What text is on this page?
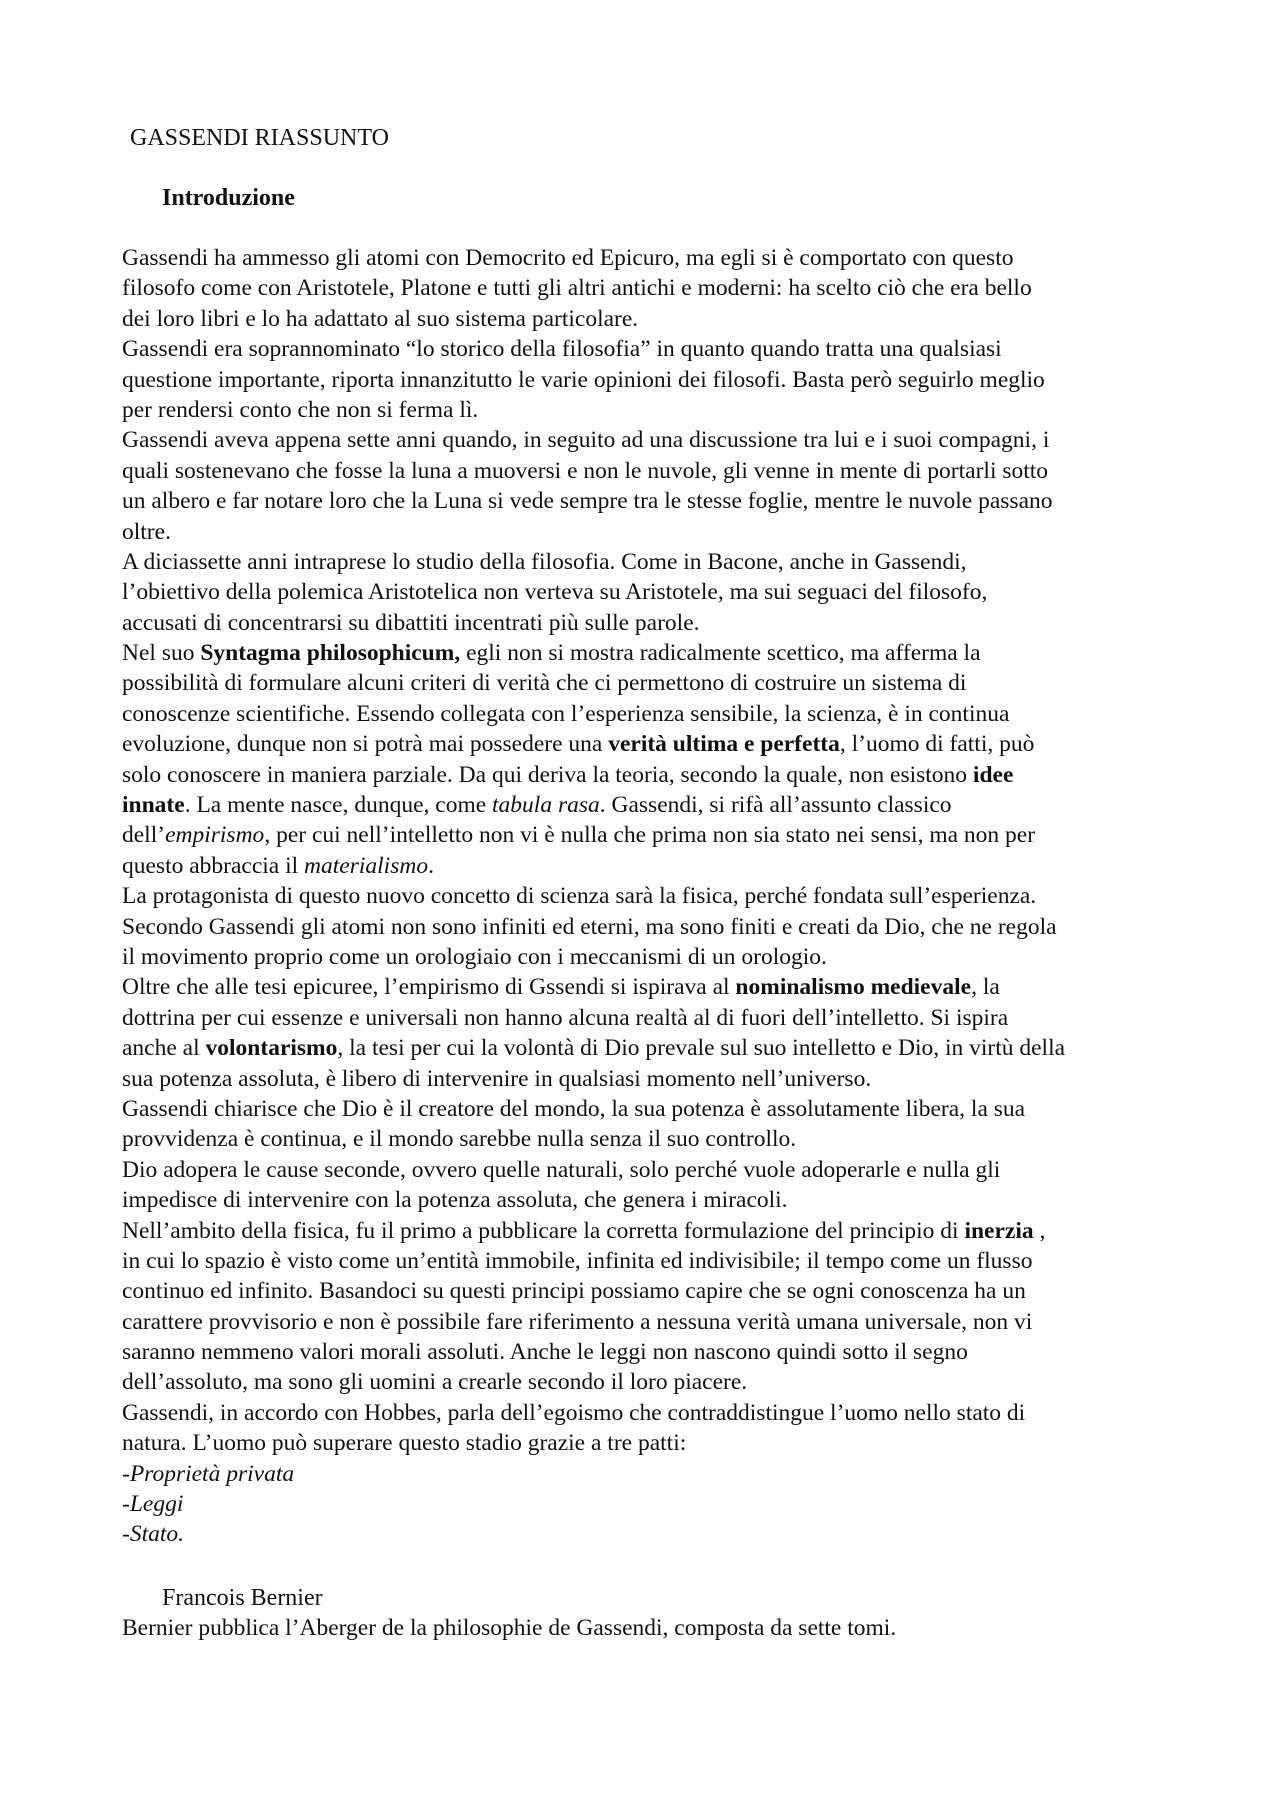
GASSENDI RIASSUNTO
Introduzione
Gassendi ha ammesso gli atomi con Democrito ed Epicuro, ma egli si è comportato con questo
filosofo come con Aristotele, Platone e tutti gli altri antichi e moderni: ha scelto ciò che era bello
dei loro libri e lo ha adattato al suo sistema particolare.
Gassendi era soprannominato “lo storico della filosofia” in quanto quando tratta una qualsiasi
questione importante, riporta innanzitutto le varie opinioni dei filosofi. Basta però seguirlo meglio
per rendersi conto che non si ferma lì.
Gassendi aveva appena sette anni quando, in seguito ad una discussione tra lui e i suoi compagni, i
quali sostenevano che fosse la luna a muoversi e non le nuvole, gli venne in mente di portarli sotto
un albero e far notare loro che la Luna si vede sempre tra le stesse foglie, mentre le nuvole passano
oltre.
A diciassette anni intraprese lo studio della filosofia. Come in Bacone, anche in Gassendi,
l’obiettivo della polemica Aristotelica non verteva su Aristotele, ma sui seguaci del filosofo,
accusati di concentrarsi su dibattiti incentrati più sulle parole.
Nel suo Syntagma philosophicum, egli non si mostra radicalmente scettico, ma afferma la
possibilità di formulare alcuni criteri di verità che ci permettono di costruire un sistema di
conoscenze scientifiche. Essendo collegata con l’esperienza sensibile, la scienza, è in continua
evoluzione, dunque non si potrà mai possedere una verità ultima e perfetta, l’uomo di fatti, può
solo conoscere in maniera parziale. Da qui deriva la teoria, secondo la quale, non esistono idee
innate. La mente nasce, dunque, come tabula rasa. Gassendi, si rifà all’assunto classico
dell’empirismo, per cui nell’intelletto non vi è nulla che prima non sia stato nei sensi, ma non per
questo abbraccia il materialismo.
La protagonista di questo nuovo concetto di scienza sarà la fisica, perché fondata sull’esperienza.
Secondo Gassendi gli atomi non sono infiniti ed eterni, ma sono finiti e creati da Dio, che ne regola
il movimento proprio come un orologiaio con i meccanismi di un orologio.
Oltre che alle tesi epicuree, l’empirismo di Gssendi si ispirava al nominalismo medievale, la
dottrina per cui essenze e universali non hanno alcuna realtà al di fuori dell’intelletto. Si ispira
anche al volontarismo, la tesi per cui la volontà di Dio prevale sul suo intelletto e Dio, in virtù della
sua potenza assoluta, è libero di intervenire in qualsiasi momento nell’universo.
Gassendi chiarisce che Dio è il creatore del mondo, la sua potenza è assolutamente libera, la sua
provvidenza è continua, e il mondo sarebbe nulla senza il suo controllo.
Dio adopera le cause seconde, ovvero quelle naturali, solo perché vuole adoperarle e nulla gli
impedisce di intervenire con la potenza assoluta, che genera i miracoli.
Nell’ambito della fisica, fu il primo a pubblicare la corretta formulazione del principio di inerzia ,
in cui lo spazio è visto come un’entità immobile, infinita ed indivisibile; il tempo come un flusso
continuo ed infinito. Basandoci su questi principi possiamo capire che se ogni conoscenza ha un
carattere provvisorio e non è possibile fare riferimento a nessuna verità umana universale, non vi
saranno nemmeno valori morali assoluti. Anche le leggi non nascono quindi sotto il segno
dell’assoluto, ma sono gli uomini a crearle secondo il loro piacere.
Gassendi, in accordo con Hobbes, parla dell’egoismo che contraddistingue l’uomo nello stato di
natura. L’uomo può superare questo stadio grazie a tre patti:
-Proprietà privata
-Leggi
-Stato.
Francois Bernier
Bernier pubblica l’Aberger de la philosophie de Gassendi, composta da sette tomi.
